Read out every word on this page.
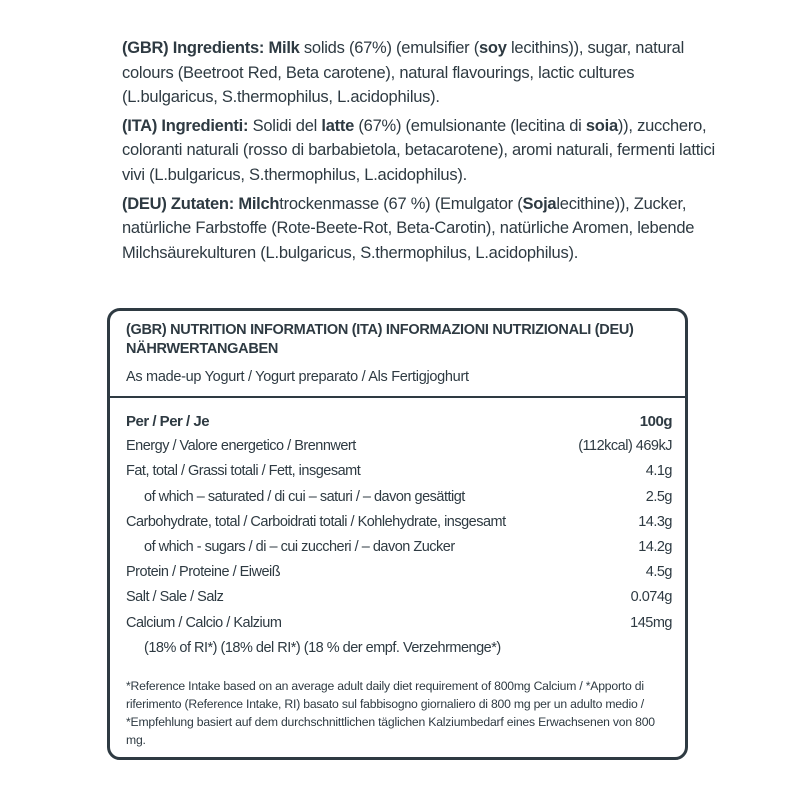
(GBR) Ingredients: Milk solids (67%) (emulsifier (soy lecithins)), sugar, natural colours (Beetroot Red, Beta carotene), natural flavourings, lactic cultures (L.bulgaricus, S.thermophilus, L.acidophilus).

(ITA) Ingredienti: Solidi del latte (67%) (emulsionante (lecitina di soia)), zucchero, coloranti naturali (rosso di barbabietola, betacarotene), aromi naturali, fermenti lattici vivi (L.bulgaricus, S.thermophilus, L.acidophilus).

(DEU) Zutaten: Milchtrockenmasse (67 %) (Emulgator (Sojalecithine)), Zucker, natürliche Farbstoffe (Rote-Beete-Rot, Beta-Carotin), natürliche Aromen, lebende Milchsäurekulturen (L.bulgaricus, S.thermophilus, L.acidophilus).

(GBR) NUTRITION INFORMATION (ITA) INFORMAZIONI NUTRIZIONALI (DEU) NÄHRWERTANGABEN
As made-up Yogurt / Yogurt preparato / Als Fertigjoghurt
Per / Per / Je	100g
Energy / Valore energetico / Brennwert	(112kcal) 469kJ
Fat, total / Grassi totali / Fett, insgesamt	4.1g
of which – saturated / di cui – saturi / – davon gesättigt	2.5g
Carbohydrate, total / Carboidrati totali / Kohlehydrate, insgesamt	14.3g
of which - sugars / di – cui zuccheri / – davon Zucker	14.2g
Protein / Proteine / Eiweiß	4.5g
Salt / Sale / Salz	0.074g
Calcium / Calcio / Kalzium	145mg
(18% of RI*) (18% del RI*) (18 % der empf. Verzehrmenge*)
*Reference Intake based on an average adult daily diet requirement of 800mg Calcium / *Apporto di riferimento (Reference Intake, RI) basato sul fabbisogno giornaliero di 800 mg per un adulto medio / *Empfehlung basiert auf dem durchschnittlichen täglichen Kalziumbedarf eines Erwachsenen von 800 mg.
